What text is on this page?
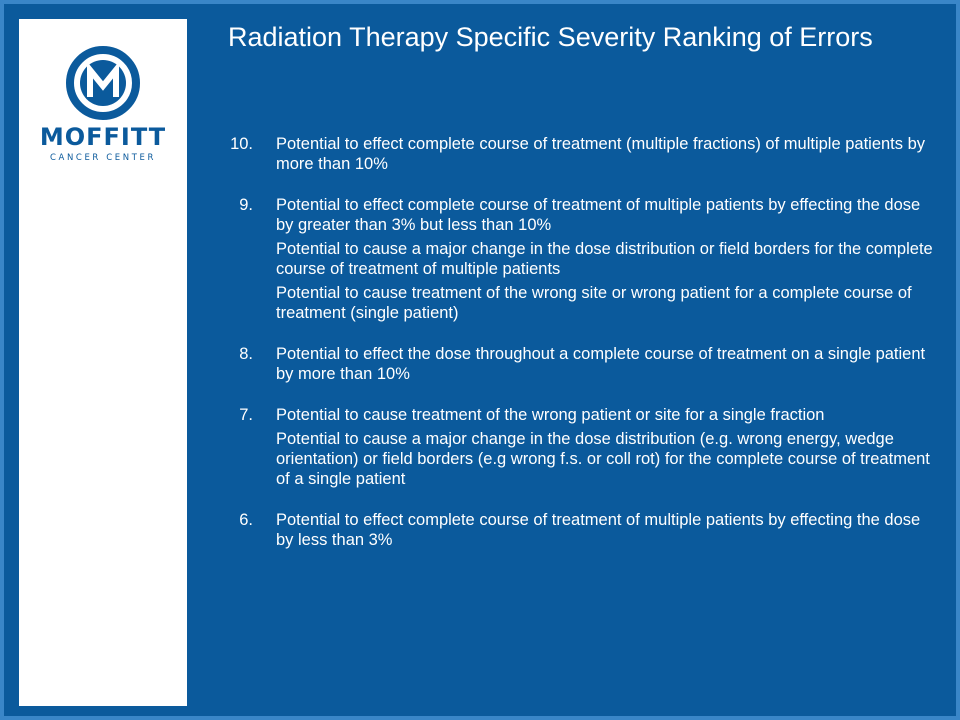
MOFFITT
CANCER CENTER
Radiation Therapy Specific Severity Ranking of Errors
10. Potential to effect complete course of treatment (multiple fractions) of multiple patients by more than 10%
9. Potential to effect complete course of treatment of multiple patients by effecting the dose by greater than 3% but less than 10%
Potential to cause a major change in the dose distribution or field borders for the complete course of treatment of multiple patients
Potential to cause treatment of the wrong site or wrong patient for a complete course of treatment (single patient)
8. Potential to effect the dose throughout a complete course of treatment on a single patient by more than 10%
7. Potential to cause treatment of the wrong patient or site for a single fraction
Potential to cause a major change in the dose distribution (e.g. wrong energy, wedge orientation) or field borders (e.g wrong f.s. or coll rot) for the complete course of treatment of a single patient
6. Potential to effect complete course of treatment of multiple patients by effecting the dose by less than 3%
